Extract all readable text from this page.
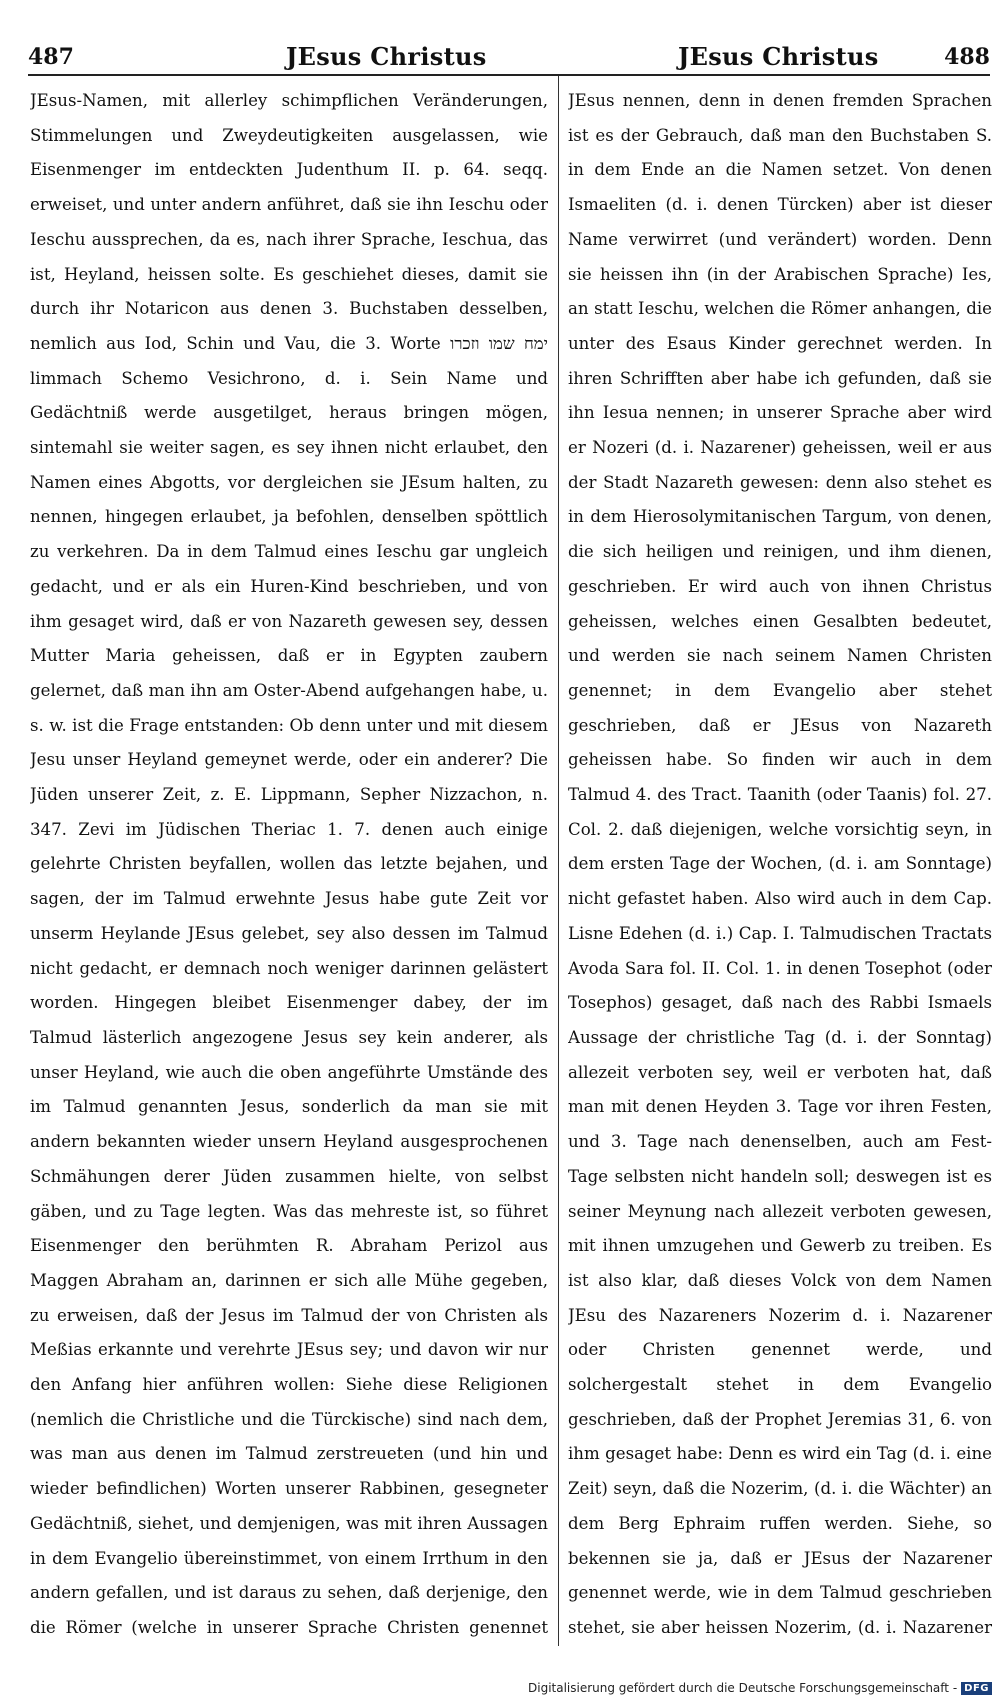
487	JEsus Christus	JEsus Christus	488

JEsus-Namen, mit allerley schimpflichen Veränderungen, Stimmelungen und Zweydeutigkeiten ausgelassen, wie Eisenmenger im entdeckten Judenthum II. p. 64. seqq. erweiset, und unter andern anführet, daß sie ihn Ieschu oder Ieschu aussprechen, da es, nach ihrer Sprache, Ieschua, das ist, Heyland, heissen solte. Es geschiehet dieses, damit sie durch ihr Notaricon aus denen 3. Buchstaben desselben, nemlich aus Iod, Schin und Vau, die 3. Worte ימח שמו וזכרו limmach Schemo Vesichrono, d. i. Sein Name und Gedächtniß werde ausgetilget, heraus bringen mögen, sintemahl sie weiter sagen, es sey ihnen nicht erlaubet, den Namen eines Abgotts, vor dergleichen sie JEsum halten, zu nennen, hingegen erlaubet, ja befohlen, denselben spöttlich zu verkehren. Da in dem Talmud eines Ieschu gar ungleich gedacht, und er als ein Huren-Kind beschrieben, und von ihm gesaget wird, daß er von Nazareth gewesen sey, dessen Mutter Maria geheissen, daß er in Egypten zaubern gelernet, daß man ihn am Oster-Abend aufgehangen habe, u. s. w. ist die Frage entstanden: Ob denn unter und mit diesem Jesu unser Heyland gemeynet werde, oder ein anderer? Die Jüden unserer Zeit, z. E. Lippmann, Sepher Nizzachon, n. 347. Zevi im Jüdischen Theriac 1. 7. denen auch einige gelehrte Christen beyfallen, wollen das letzte bejahen, und sagen, der im Talmud erwehnte Jesus habe gute Zeit vor unserm Heylande JEsus gelebet, sey also dessen im Talmud nicht gedacht, er demnach noch weniger darinnen gelästert worden. Hingegen bleibet Eisenmenger dabey, der im Talmud lästerlich angezogene Jesus sey kein anderer, als unser Heyland, wie auch die oben angeführte Umstände des im Talmud genannten Jesus, sonderlich da man sie mit andern bekannten wieder unsern Heyland ausgesprochenen Schmähungen derer Jüden zusammen hielte, von selbst gäben, und zu Tage legten. Was das mehreste ist, so führet Eisenmenger den berühmten R. Abraham Perizol aus Maggen Abraham an, darinnen er sich alle Mühe gegeben, zu erweisen, daß der Jesus im Talmud der von Christen als Meßias erkannte und verehrte JEsus sey; und davon wir nur den Anfang hier anführen wollen: Siehe diese Religionen (nemlich die Christliche und die Türckische) sind nach dem, was man aus denen im Talmud zerstreueten (und hin und wieder befindlichen) Worten unserer Rabbinen, gesegneter Gedächtniß, siehet, und demjenigen, was mit ihren Aussagen in dem Evangelio übereinstimmet, von einem Irrthum in den andern gefallen, und ist daraus zu sehen, daß derjenige, den die Römer (welche in unserer Sprache Christen genennet

JEsus nennen, denn in denen fremden Sprachen ist es der Gebrauch, daß man den Buchstaben S. in dem Ende an die Namen setzet. Von denen Ismaeliten (d. i. denen Türcken) aber ist dieser Name verwirret (und verändert) worden. Denn sie heissen ihn (in der Arabischen Sprache) Ies, an statt Ieschu, welchen die Römer anhangen, die unter des Esaus Kinder gerechnet werden. In ihren Schrifften aber habe ich gefunden, daß sie ihn Iesua nennen; in unserer Sprache aber wird er Nozeri (d. i. Nazarener) geheissen, weil er aus der Stadt Nazareth gewesen: denn also stehet es in dem Hierosolymitanischen Targum, von denen, die sich heiligen und reinigen, und ihm dienen, geschrieben. Er wird auch von ihnen Christus geheissen, welches einen Gesalbten bedeutet, und werden sie nach seinem Namen Christen genennet; in dem Evangelio aber stehet geschrieben, daß er JEsus von Nazareth geheissen habe. So finden wir auch in dem Talmud 4. des Tract. Taanith (oder Taanis) fol. 27. Col. 2. daß diejenigen, welche vorsichtig seyn, in dem ersten Tage der Wochen, (d. i. am Sonntage) nicht gefastet haben. Also wird auch in dem Cap. Lisne Edehen (d. i.) Cap. I. Talmudischen Tractats Avoda Sara fol. II. Col. 1. in denen Tosephot (oder Tosephos) gesaget, daß nach des Rabbi Ismaels Aussage der christliche Tag (d. i. der Sonntag) allezeit verboten sey, weil er verboten hat, daß man mit denen Heyden 3. Tage vor ihren Festen, und 3. Tage nach denenselben, auch am Fest-Tage selbsten nicht handeln soll; deswegen ist es seiner Meynung nach allezeit verboten gewesen, mit ihnen umzugehen und Gewerb zu treiben. Es ist also klar, daß dieses Volck von dem Namen JEsu des Nazareners Nozerim d. i. Nazarener oder Christen genennet werde, und solchergestalt stehet in dem Evangelio geschrieben, daß der Prophet Jeremias 31, 6. von ihm gesaget habe: Denn es wird ein Tag (d. i. eine Zeit) seyn, daß die Nozerim, (d. i. die Wächter) an dem Berg Ephraim ruffen werden. Siehe, so bekennen sie ja, daß er JEsus der Nazarener genennet werde, wie in dem Talmud geschrieben stehet, sie aber heissen Nozerim, (d. i. Nazarener

Digitalisierung gefördert durch die Deutsche Forschungsgemeinschaft - DFG
